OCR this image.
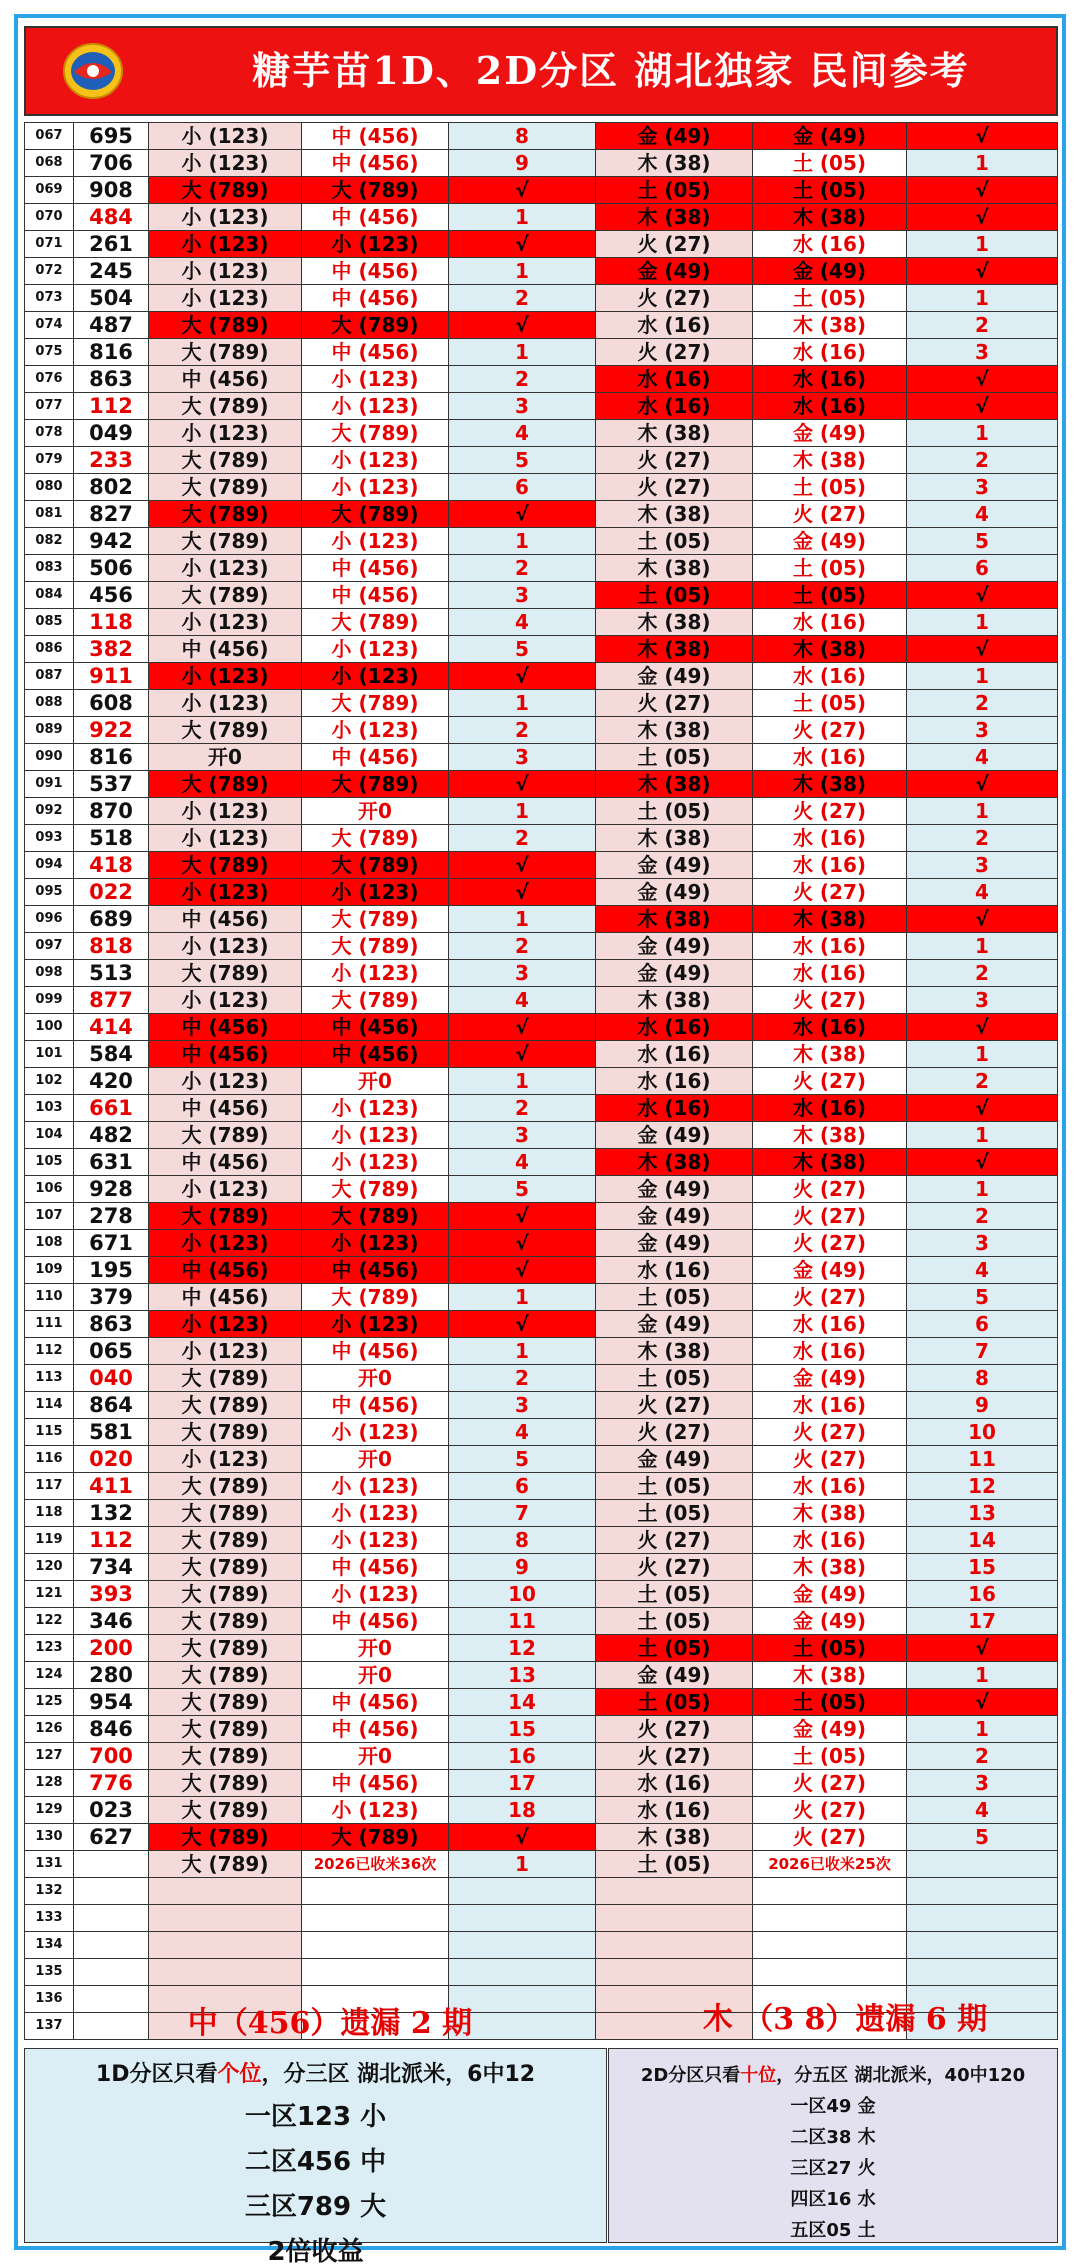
糖芋苗1D、2D分区 湖北独家 民间参考
067	695	小 (123)	中 (456)	8	金 (49)	金 (49)	√
068	706	小 (123)	中 (456)	9	木 (38)	土 (05)	1
069	908	大 (789)	大 (789)	√	土 (05)	土 (05)	√
070	484	小 (123)	中 (456)	1	木 (38)	木 (38)	√
071	261	小 (123)	小 (123)	√	火 (27)	水 (16)	1
072	245	小 (123)	中 (456)	1	金 (49)	金 (49)	√
073	504	小 (123)	中 (456)	2	火 (27)	土 (05)	1
074	487	大 (789)	大 (789)	√	水 (16)	木 (38)	2
075	816	大 (789)	中 (456)	1	火 (27)	水 (16)	3
076	863	中 (456)	小 (123)	2	水 (16)	水 (16)	√
077	112	大 (789)	小 (123)	3	水 (16)	水 (16)	√
078	049	小 (123)	大 (789)	4	木 (38)	金 (49)	1
079	233	大 (789)	小 (123)	5	火 (27)	木 (38)	2
080	802	大 (789)	小 (123)	6	火 (27)	土 (05)	3
081	827	大 (789)	大 (789)	√	木 (38)	火 (27)	4
082	942	大 (789)	小 (123)	1	土 (05)	金 (49)	5
083	506	小 (123)	中 (456)	2	木 (38)	土 (05)	6
084	456	大 (789)	中 (456)	3	土 (05)	土 (05)	√
085	118	小 (123)	大 (789)	4	木 (38)	水 (16)	1
086	382	中 (456)	小 (123)	5	木 (38)	木 (38)	√
087	911	小 (123)	小 (123)	√	金 (49)	水 (16)	1
088	608	小 (123)	大 (789)	1	火 (27)	土 (05)	2
089	922	大 (789)	小 (123)	2	木 (38)	火 (27)	3
090	816	开0	中 (456)	3	土 (05)	水 (16)	4
091	537	大 (789)	大 (789)	√	木 (38)	木 (38)	√
092	870	小 (123)	开0	1	土 (05)	火 (27)	1
093	518	小 (123)	大 (789)	2	木 (38)	水 (16)	2
094	418	大 (789)	大 (789)	√	金 (49)	水 (16)	3
095	022	小 (123)	小 (123)	√	金 (49)	火 (27)	4
096	689	中 (456)	大 (789)	1	木 (38)	木 (38)	√
097	818	小 (123)	大 (789)	2	金 (49)	水 (16)	1
098	513	大 (789)	小 (123)	3	金 (49)	水 (16)	2
099	877	小 (123)	大 (789)	4	木 (38)	火 (27)	3
100	414	中 (456)	中 (456)	√	水 (16)	水 (16)	√
101	584	中 (456)	中 (456)	√	水 (16)	木 (38)	1
102	420	小 (123)	开0	1	水 (16)	火 (27)	2
103	661	中 (456)	小 (123)	2	水 (16)	水 (16)	√
104	482	大 (789)	小 (123)	3	金 (49)	木 (38)	1
105	631	中 (456)	小 (123)	4	木 (38)	木 (38)	√
106	928	小 (123)	大 (789)	5	金 (49)	火 (27)	1
107	278	大 (789)	大 (789)	√	金 (49)	火 (27)	2
108	671	小 (123)	小 (123)	√	金 (49)	火 (27)	3
109	195	中 (456)	中 (456)	√	水 (16)	金 (49)	4
110	379	中 (456)	大 (789)	1	土 (05)	火 (27)	5
111	863	小 (123)	小 (123)	√	金 (49)	水 (16)	6
112	065	小 (123)	中 (456)	1	木 (38)	水 (16)	7
113	040	大 (789)	开0	2	土 (05)	金 (49)	8
114	864	大 (789)	中 (456)	3	火 (27)	水 (16)	9
115	581	大 (789)	小 (123)	4	火 (27)	火 (27)	10
116	020	小 (123)	开0	5	金 (49)	火 (27)	11
117	411	大 (789)	小 (123)	6	土 (05)	水 (16)	12
118	132	大 (789)	小 (123)	7	土 (05)	木 (38)	13
119	112	大 (789)	小 (123)	8	火 (27)	水 (16)	14
120	734	大 (789)	中 (456)	9	火 (27)	木 (38)	15
121	393	大 (789)	小 (123)	10	土 (05)	金 (49)	16
122	346	大 (789)	中 (456)	11	土 (05)	金 (49)	17
123	200	大 (789)	开0	12	土 (05)	土 (05)	√
124	280	大 (789)	开0	13	金 (49)	木 (38)	1
125	954	大 (789)	中 (456)	14	土 (05)	土 (05)	√
126	846	大 (789)	中 (456)	15	火 (27)	金 (49)	1
127	700	大 (789)	开0	16	火 (27)	土 (05)	2
128	776	大 (789)	中 (456)	17	水 (16)	火 (27)	3
129	023	大 (789)	小 (123)	18	水 (16)	火 (27)	4
130	627	大 (789)	大 (789)	√	木 (38)	火 (27)	5
131		大 (789)	2026已收米36次	1	土 (05)	2026已收米25次	
132							
133							
134							
135							
136							
137								中（456）遗漏 2 期	木 （3 8）遗漏 6 期
1D分区只看个位，分三区 湖北派米，6中12
一区123 小
二区456 中
三区789 大
2倍收益
2D分区只看十位，分五区 湖北派米，40中120
一区49 金
二区38 木
三区27 火
四区16 水
五区05 土
